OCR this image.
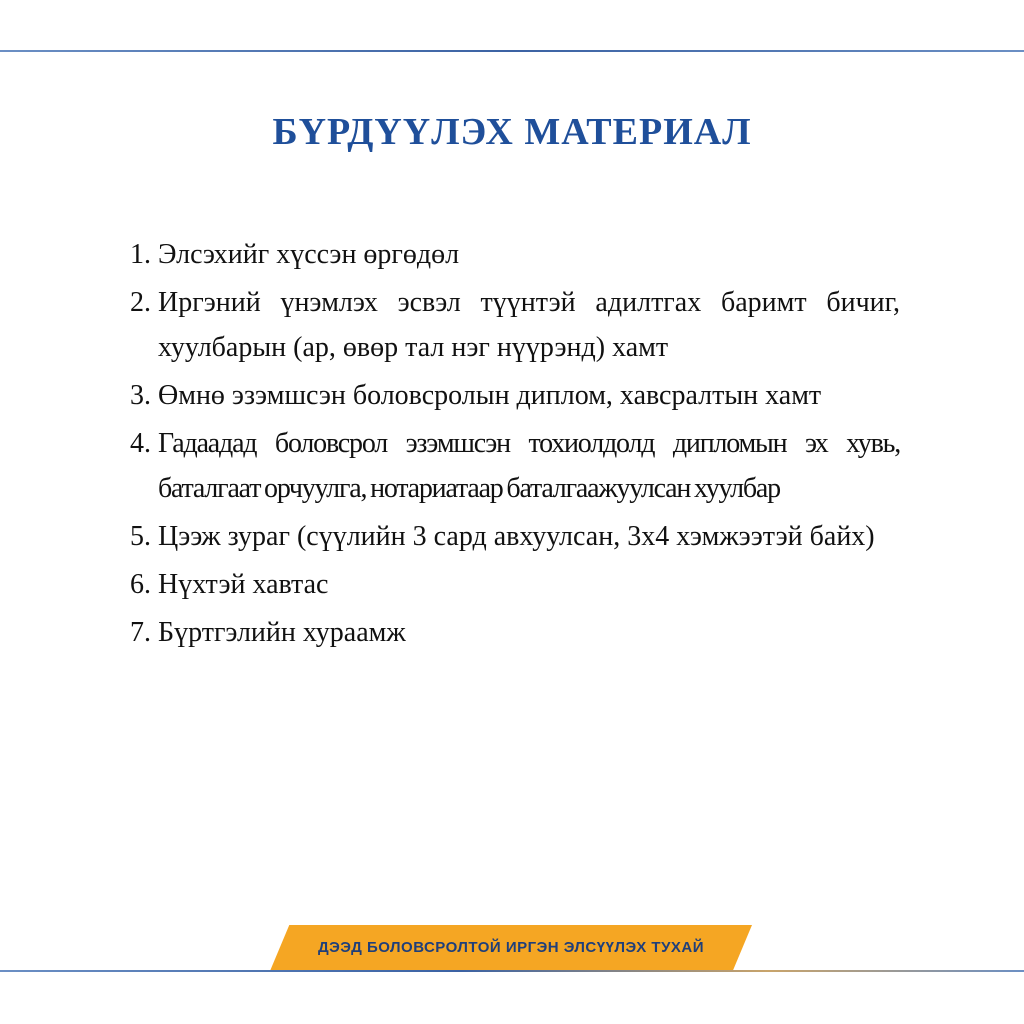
БҮРДҮҮЛЭХ МАТЕРИАЛ
1. Элсэхийг хүссэн өргөдөл
2. Иргэний үнэмлэх эсвэл түүнтэй адилтгах баримт бичиг, хуулбарын (ар, өвөр тал нэг нүүрэнд) хамт
3. Өмнө эзэмшсэн боловсролын диплом, хавсралтын хамт
4. Гадаадад боловсрол эзэмшсэн тохиолдолд дипломын эх хувь, баталгаат орчуулга, нотариатаар баталгаажуулсан хуулбар
5. Цээж зураг (сүүлийн 3 сард авхуулсан, 3x4 хэмжээтэй байх)
6. Нүхтэй хавтас
7. Бүртгэлийн хураамж
ДЭЭД БОЛОВСРОЛТОЙ ИРГЭН ЭЛСҮҮЛЭХ ТУХАЙ
